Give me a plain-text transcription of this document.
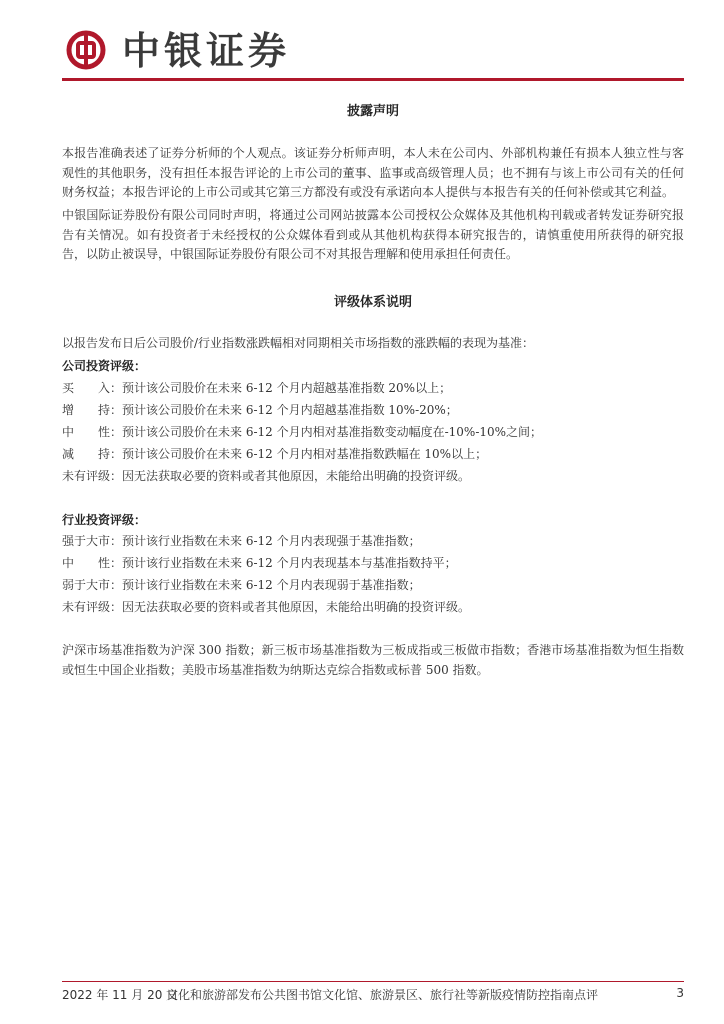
中银证券
披露声明
本报告准确表述了证券分析师的个人观点。该证券分析师声明，本人未在公司内、外部机构兼任有损本人独立性与客观性的其他职务，没有担任本报告评论的上市公司的董事、监事或高级管理人员；也不拥有与该上市公司有关的任何财务权益；本报告评论的上市公司或其它第三方都没有或没有承诺向本人提供与本报告有关的任何补偿或其它利益。
中银国际证券股份有限公司同时声明，将通过公司网站披露本公司授权公众媒体及其他机构刊载或者转发证券研究报告有关情况。如有投资者于未经授权的公众媒体看到或从其他机构获得本研究报告的，请慎重使用所获得的研究报告，以防止被误导，中银国际证券股份有限公司不对其报告理解和使用承担任何责任。
评级体系说明
以报告发布日后公司股价/行业指数涨跌幅相对同期相关市场指数的涨跌幅的表现为基准：
公司投资评级：
买　　入：预计该公司股价在未来 6-12 个月内超越基准指数 20%以上；
增　　持：预计该公司股价在未来 6-12 个月内超越基准指数 10%-20%；
中　　性：预计该公司股价在未来 6-12 个月内相对基准指数变动幅度在-10%-10%之间；
减　　持：预计该公司股价在未来 6-12 个月内相对基准指数跌幅在 10%以上；
未有评级：因无法获取必要的资料或者其他原因，未能给出明确的投资评级。
行业投资评级：
强于大市：预计该行业指数在未来 6-12 个月内表现强于基准指数；
中　　性：预计该行业指数在未来 6-12 个月内表现基本与基准指数持平；
弱于大市：预计该行业指数在未来 6-12 个月内表现弱于基准指数；
未有评级：因无法获取必要的资料或者其他原因，未能给出明确的投资评级。
沪深市场基准指数为沪深 300 指数；新三板市场基准指数为三板成指或三板做市指数；香港市场基准指数为恒生指数或恒生中国企业指数；美股市场基准指数为纳斯达克综合指数或标普 500 指数。
2022 年 11 月 20 日
文化和旅游部发布公共图书馆文化馆、旅游景区、旅行社等新版疫情防控指南点评	3
